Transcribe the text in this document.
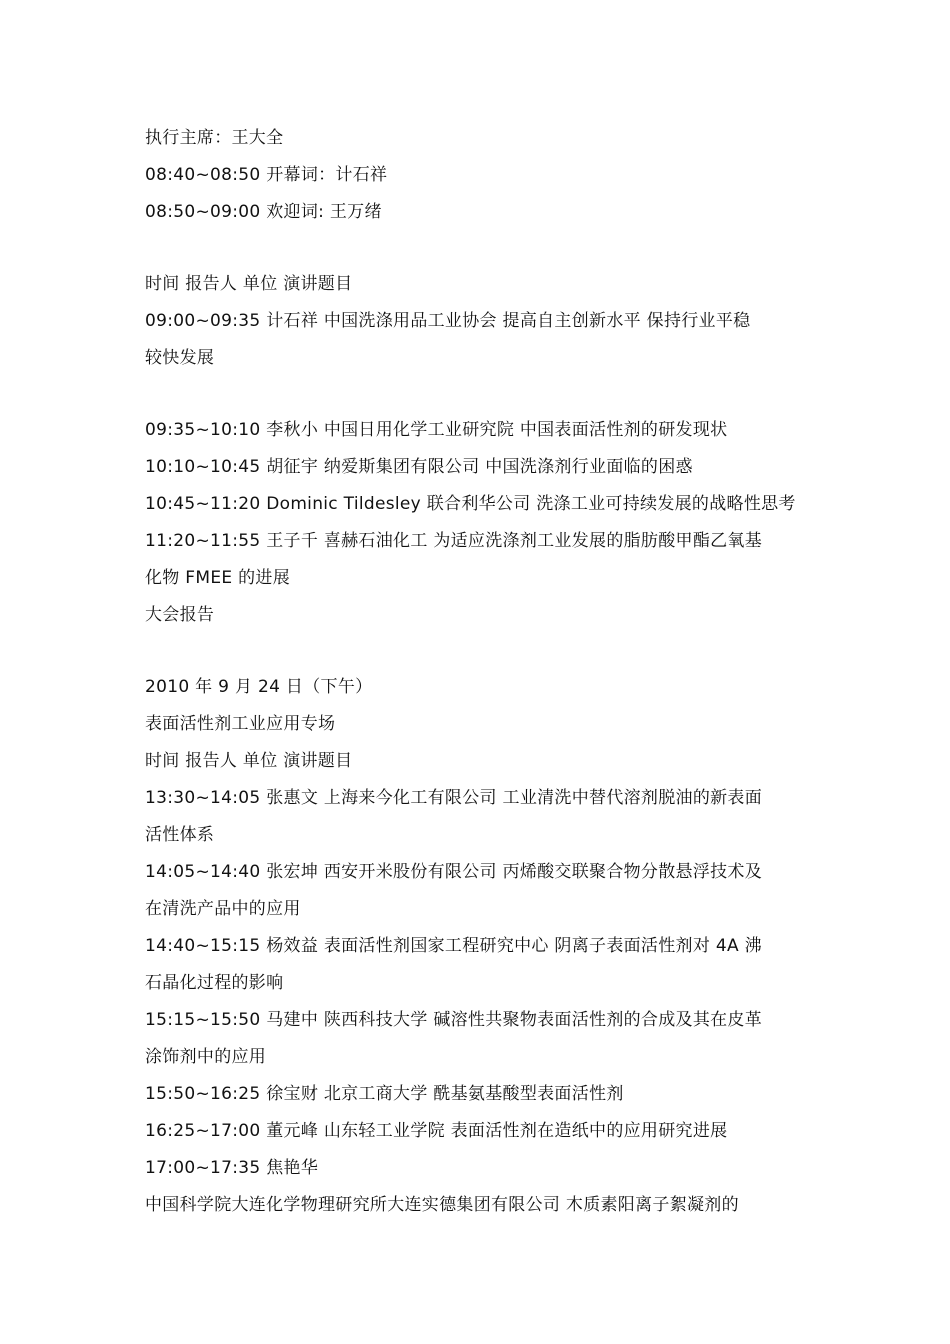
执行主席：王大全

08:40~08:50 开幕词：计石祥

08:50~09:00 欢迎词: 王万绪

时间 报告人 单位 演讲题目

09:00~09:35 计石祥 中国洗涤用品工业协会 提高自主创新水平 保持行业平稳

较快发展

09:35~10:10 李秋小 中国日用化学工业研究院 中国表面活性剂的研发现状

10:10~10:45 胡征宇 纳爱斯集团有限公司 中国洗涤剂行业面临的困惑

10:45~11:20 Dominic Tildesley 联合利华公司 洗涤工业可持续发展的战略性思考

11:20~11:55 王子千 喜赫石油化工 为适应洗涤剂工业发展的脂肪酸甲酯乙氧基

化物 FMEE 的进展

大会报告

2010 年 9 月 24 日（下午）

表面活性剂工业应用专场

时间 报告人 单位 演讲题目

13:30~14:05 张惠文 上海来今化工有限公司 工业清洗中替代溶剂脱油的新表面

活性体系

14:05~14:40 张宏坤 西安开米股份有限公司 丙烯酸交联聚合物分散悬浮技术及

在清洗产品中的应用

14:40~15:15 杨效益 表面活性剂国家工程研究中心 阴离子表面活性剂对 4A 沸

石晶化过程的影响

15:15~15:50 马建中 陕西科技大学 碱溶性共聚物表面活性剂的合成及其在皮革

涂饰剂中的应用

15:50~16:25 徐宝财 北京工商大学 酰基氨基酸型表面活性剂

16:25~17:00 董元峰 山东轻工业学院 表面活性剂在造纸中的应用研究进展

17:00~17:35 焦艳华

中国科学院大连化学物理研究所大连实德集团有限公司 木质素阳离子絮凝剂的
